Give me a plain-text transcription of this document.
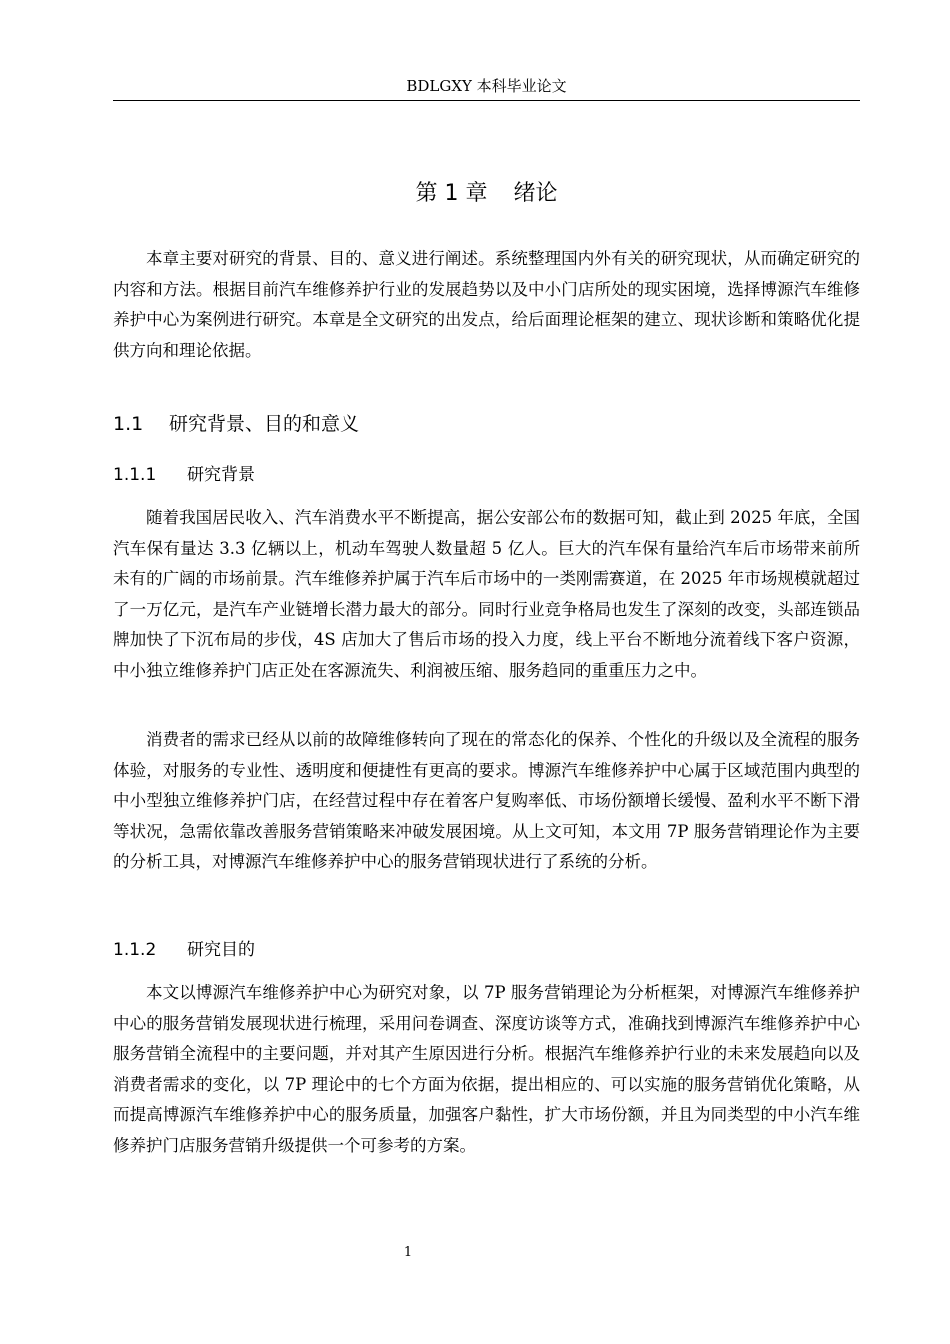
BDLGXY 本科毕业论文
第 1 章 绪论

本章主要对研究的背景、目的、意义进行阐述。系统整理国内外有关的研究现状，从而确定研究的内容和方法。根据目前汽车维修养护行业的发展趋势以及中小门店所处的现实困境，选择博源汽车维修养护中心为案例进行研究。本章是全文研究的出发点，给后面理论框架的建立、现状诊断和策略优化提供方向和理论依据。

1.1 研究背景、目的和意义
1.1.1 研究背景

随着我国居民收入、汽车消费水平不断提高，据公安部公布的数据可知，截止到 2025 年底，全国汽车保有量达 3.3 亿辆以上，机动车驾驶人数量超 5 亿人。巨大的汽车保有量给汽车后市场带来前所未有的广阔的市场前景。汽车维修养护属于汽车后市场中的一类刚需赛道，在 2025 年市场规模就超过了一万亿元，是汽车产业链增长潜力最大的部分。同时行业竞争格局也发生了深刻的改变，头部连锁品牌加快了下沉布局的步伐，4S 店加大了售后市场的投入力度，线上平台不断地分流着线下客户资源，中小独立维修养护门店正处在客源流失、利润被压缩、服务趋同的重重压力之中。

消费者的需求已经从以前的故障维修转向了现在的常态化的保养、个性化的升级以及全流程的服务体验，对服务的专业性、透明度和便捷性有更高的要求。博源汽车维修养护中心属于区域范围内典型的中小型独立维修养护门店，在经营过程中存在着客户复购率低、市场份额增长缓慢、盈利水平不断下滑等状况，急需依靠改善服务营销策略来冲破发展困境。从上文可知，本文用 7P 服务营销理论作为主要的分析工具，对博源汽车维修养护中心的服务营销现状进行了系统的分析。

1.1.2 研究目的

本文以博源汽车维修养护中心为研究对象，以 7P 服务营销理论为分析框架，对博源汽车维修养护中心的服务营销发展现状进行梳理，采用问卷调查、深度访谈等方式，准确找到博源汽车维修养护中心服务营销全流程中的主要问题，并对其产生原因进行分析。根据汽车维修养护行业的未来发展趋向以及消费者需求的变化，以 7P 理论中的七个方面为依据，提出相应的、可以实施的服务营销优化策略，从而提高博源汽车维修养护中心的服务质量，加强客户黏性，扩大市场份额，并且为同类型的中小汽车维修养护门店服务营销升级提供一个可参考的方案。

1
